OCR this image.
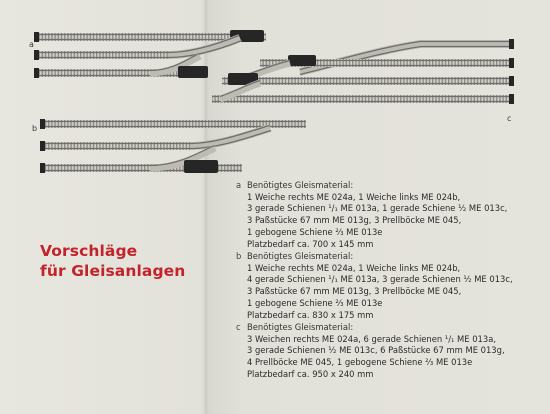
a
b
c
Vorschläge
für Gleisanlagen
a Benötigtes Gleismaterial:
1 Weiche rechts ME 024a, 1 Weiche links ME 024b,
3 gerade Schienen ¹/₁ ME 013a, 1 gerade Schiene ½ ME 013c,
3 Paßstücke 67 mm ME 013g, 3 Prellböcke ME 045,
1 gebogene Schiene ⅔ ME 013e
Platzbedarf ca. 700 x 145 mm
b Benötigtes Gleismaterial:
1 Weiche rechts ME 024a, 1 Weiche links ME 024b,
4 gerade Schienen ¹/₁ ME 013a, 3 gerade Schienen ½ ME 013c,
3 Paßstücke 67 mm ME 013g, 3 Prellböcke ME 045,
1 gebogene Schiene ⅔ ME 013e
Platzbedarf ca. 830 x 175 mm
c Benötigtes Gleismaterial:
3 Weichen rechts ME 024a, 6 gerade Schienen ¹/₁ ME 013a,
3 gerade Schienen ½ ME 013c, 6 Paßstücke 67 mm ME 013g,
4 Prellböcke ME 045, 1 gebogene Schiene ⅔ ME 013e
Platzbedarf ca. 950 x 240 mm
